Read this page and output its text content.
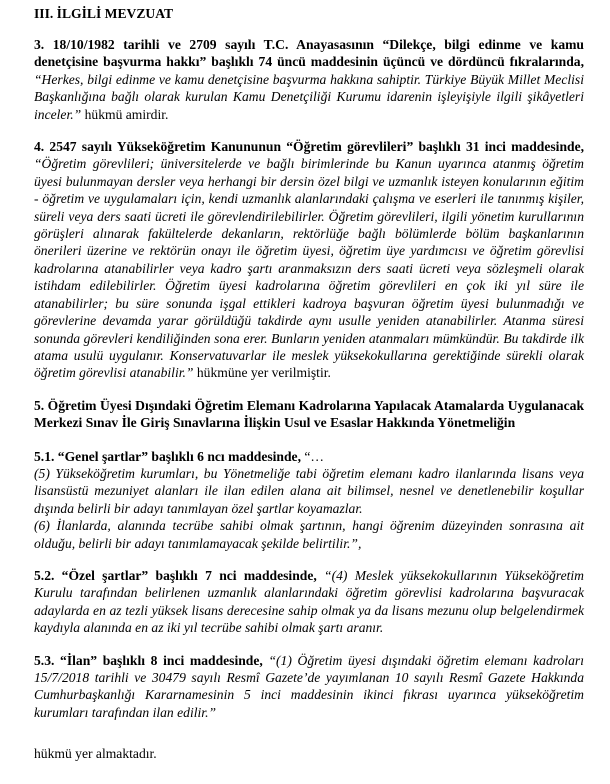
III. İLGİLİ MEVZUAT

3. 18/10/1982 tarihli ve 2709 sayılı T.C. Anayasasının “Dilekçe, bilgi edinme ve kamu denetçisine başvurma hakkı” başlıklı 74 üncü maddesinin üçüncü ve dördüncü fıkralarında, “Herkes, bilgi edinme ve kamu denetçisine başvurma hakkına sahiptir. Türkiye Büyük Millet Meclisi Başkanlığına bağlı olarak kurulan Kamu Denetçiliği Kurumu idarenin işleyişiyle ilgili şikâyetleri inceler.” hükmü amirdir.

4. 2547 sayılı Yükseköğretim Kanununun “Öğretim görevlileri” başlıklı 31 inci maddesinde, “Öğretim görevlileri; üniversitelerde ve bağlı birimlerinde bu Kanun uyarınca atanmış öğretim üyesi bulunmayan dersler veya herhangi bir dersin özel bilgi ve uzmanlık isteyen konularının eğitim - öğretim ve uygulamaları için, kendi uzmanlık alanlarındaki çalışma ve eserleri ile tanınmış kişiler, süreli veya ders saati ücreti ile görevlendirilebilirler. Öğretim görevlileri, ilgili yönetim kurullarının görüşleri alınarak fakültelerde dekanların, rektörlüğe bağlı bölümlerde bölüm başkanlarının önerileri üzerine ve rektörün onayı ile öğretim üyesi, öğretim üye yardımcısı ve öğretim görevlisi kadrolarına atanabilirler veya kadro şartı aranmaksızın ders saati ücreti veya sözleşmeli olarak istihdam edilebilirler. Öğretim üyesi kadrolarına öğretim görevlileri en çok iki yıl süre ile atanabilirler; bu süre sonunda işgal ettikleri kadroya başvuran öğretim üyesi bulunmadığı ve görevlerine devamda yarar görüldüğü takdirde aynı usulle yeniden atanabilirler. Atanma süresi sonunda görevleri kendiliğinden sona erer. Bunların yeniden atanmaları mümkündür. Bu takdirde ilk atama usulü uygulanır. Konservatuvarlar ile meslek yüksekokullarına gerektiğinde sürekli olarak öğretim görevlisi atanabilir.” hükmüne yer verilmiştir.

5. Öğretim Üyesi Dışındaki Öğretim Elemanı Kadrolarına Yapılacak Atamalarda Uygulanacak Merkezi Sınav İle Giriş Sınavlarına İlişkin Usul ve Esaslar Hakkında Yönetmeliğin

5.1. “Genel şartlar” başlıklı 6 ncı maddesinde, “…

(5) Yükseköğretim kurumları, bu Yönetmeliğe tabi öğretim elemanı kadro ilanlarında lisans veya lisansüstü mezuniyet alanları ile ilan edilen alana ait bilimsel, nesnel ve denetlenebilir koşullar dışında belirli bir adayı tanımlayan özel şartlar koyamazlar.

(6) İlanlarda, alanında tecrübe sahibi olmak şartının, hangi öğrenim düzeyinden sonrasına ait olduğu, belirli bir adayı tanımlamayacak şekilde belirtilir.”,

5.2. “Özel şartlar” başlıklı 7 nci maddesinde, “(4) Meslek yüksekokullarının Yükseköğretim Kurulu tarafından belirlenen uzmanlık alanlarındaki öğretim görevlisi kadrolarına başvuracak adaylarda en az tezli yüksek lisans derecesine sahip olmak ya da lisans mezunu olup belgelendirmek kaydıyla alanında en az iki yıl tecrübe sahibi olmak şartı aranır.

5.3. “İlan” başlıklı 8 inci maddesinde, “(1) Öğretim üyesi dışındaki öğretim elemanı kadroları 15/7/2018 tarihli ve 30479 sayılı Resmî Gazete’de yayımlanan 10 sayılı Resmî Gazete Hakkında Cumhurbaşkanlığı Kararnamesinin 5 inci maddesinin ikinci fıkrası uyarınca yükseköğretim kurumları tarafından ilan edilir.”

hükmü yer almaktadır.
